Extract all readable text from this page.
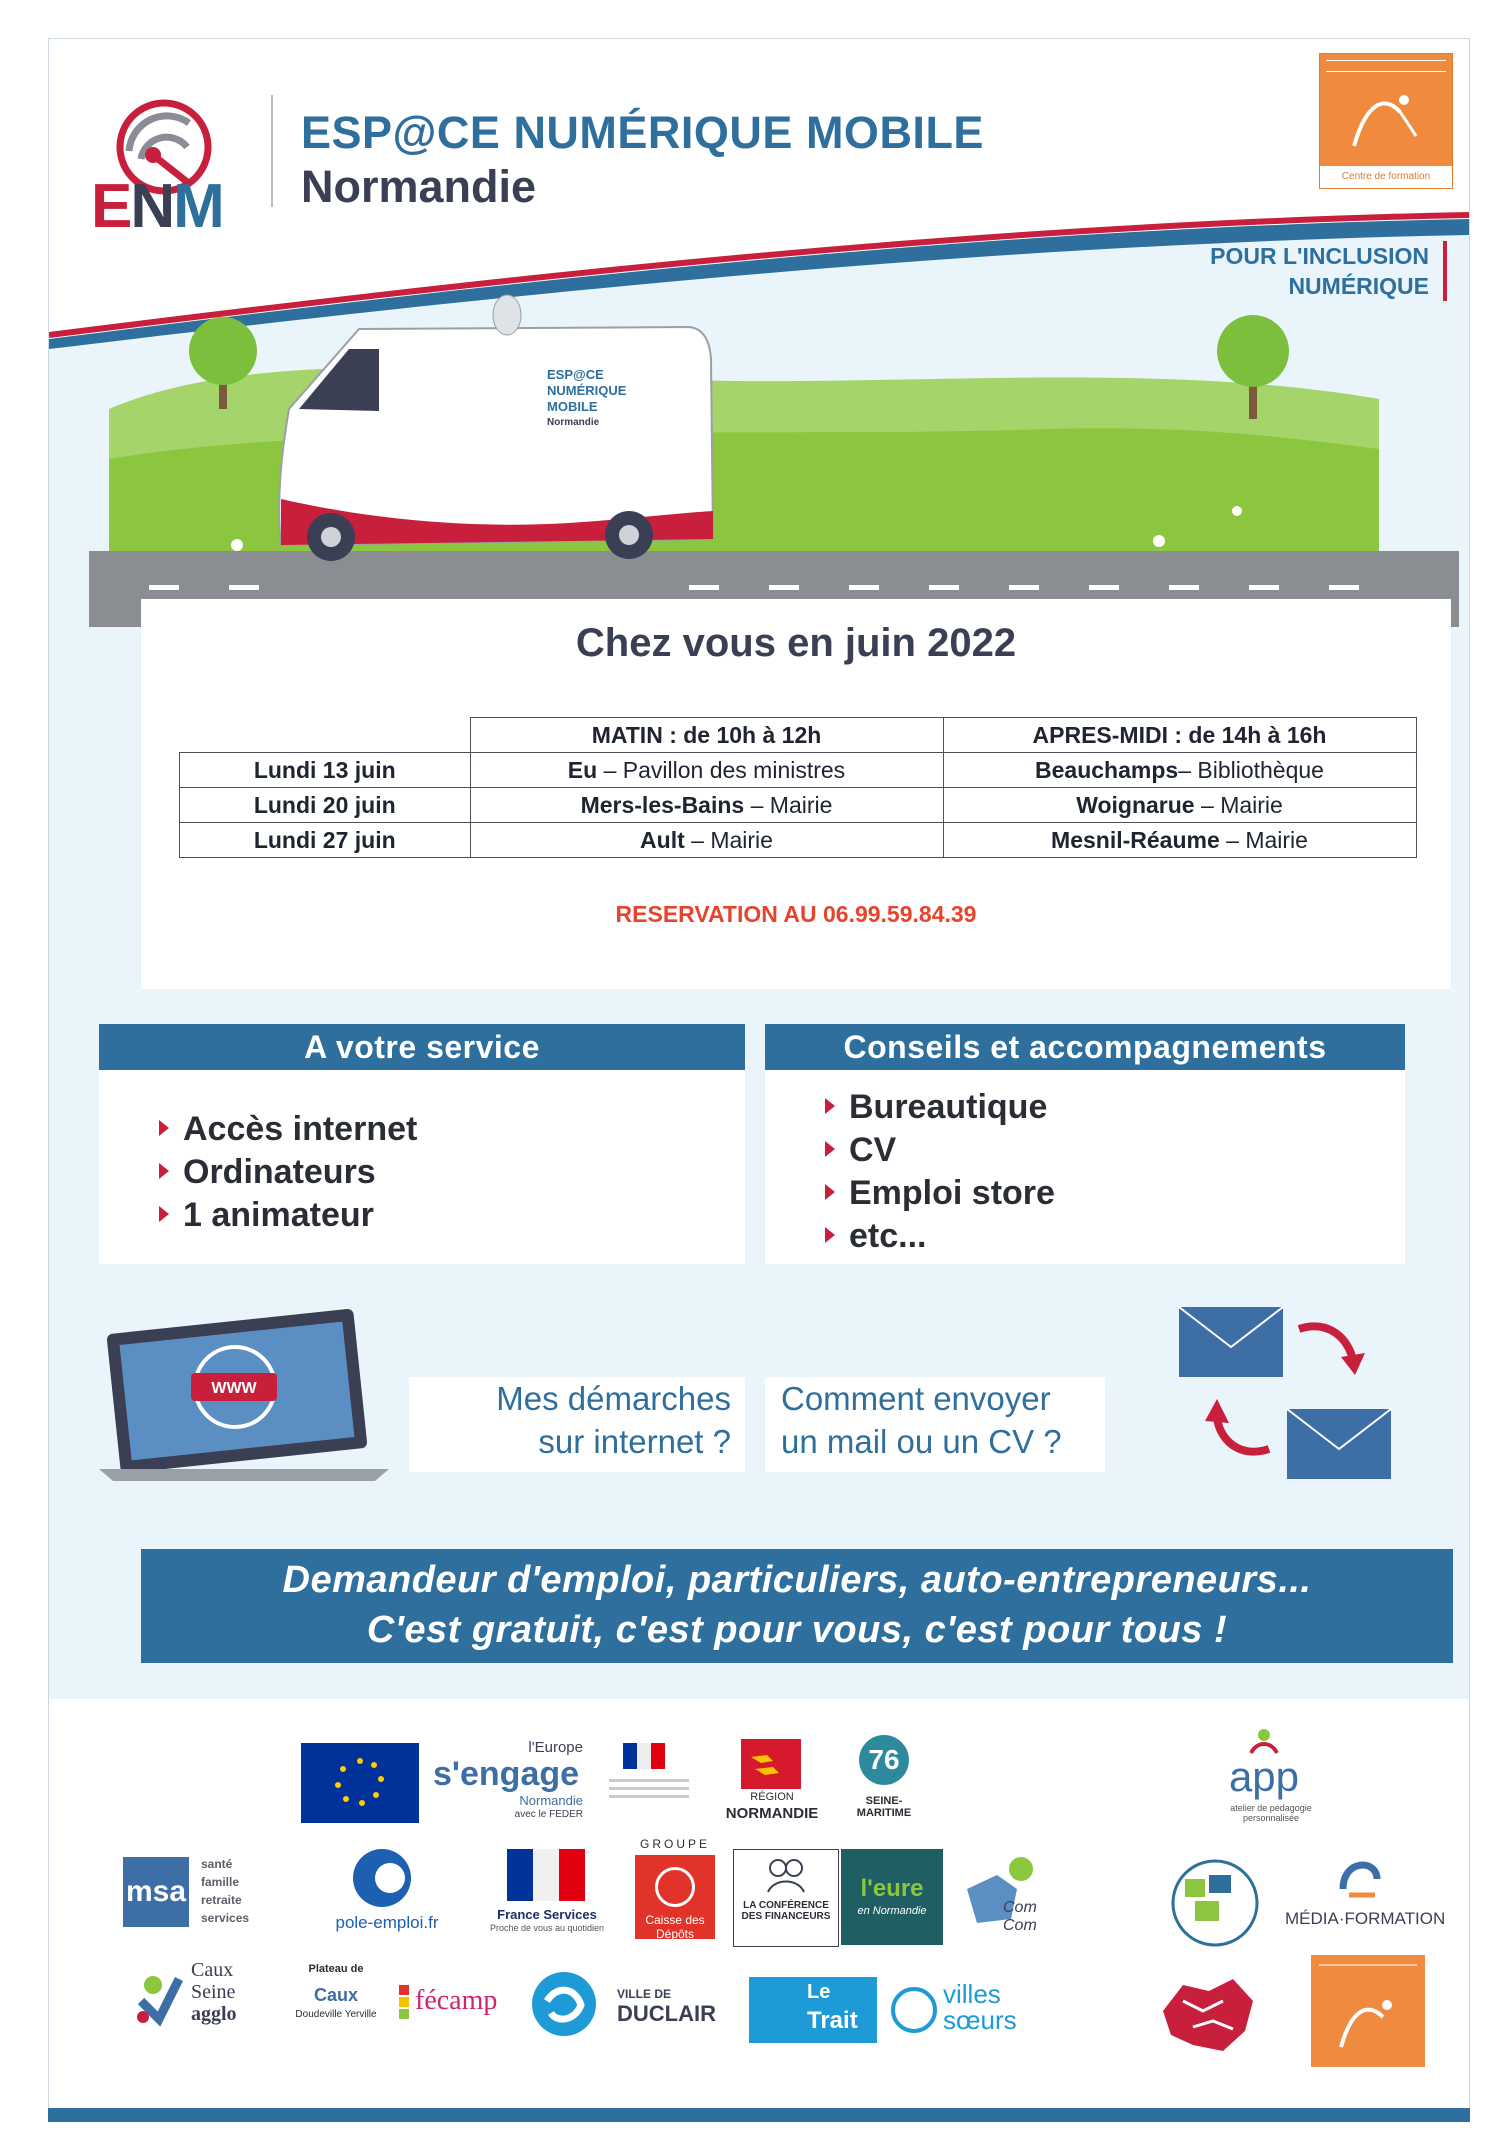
ENM
ESP@CE NUMÉRIQUE MOBILE
Normandie	Centre de formation
POUR L'INCLUSION
NUMÉRIQUE
ESP@CE
NUMÉRIQUE
MOBILE
Normandie
Chez vous en juin 2022
	MATIN : de 10h à 12h	APRES-MIDI : de 14h à 16h
Lundi 13 juin	Eu – Pavillon des ministres	Beauchamps– Bibliothèque
Lundi 20 juin	Mers-les-Bains – Mairie	Woignarue – Mairie
Lundi 27 juin	Ault – Mairie	Mesnil-Réaume – Mairie
RESERVATION AU 06.99.59.84.39
A votre service
Accès internet
Ordinateurs
1 animateur
Conseils et accompagnements
Bureautique
CV
Emploi store
etc...
WWW	Mes démarches
sur internet ?
Comment envoyer
un mail ou un CV ?
Demandeur d'emploi, particuliers, auto-entrepreneurs...
C'est gratuit, c'est pour vous, c'est pour tous !
l'Europe
s'engage
Normandie
avec le FEDER
RÉGION
NORMANDIE
76
SEINE-MARITIME
app
atelier de pédagogie personnalisée
msa
santé
famille
retraite
services	pole-emploi.fr	France Services
Proche de vous au quotidien
GROUPE
Caisse des Dépôts
LA CONFÉRENCE DES FINANCEURS
l'eure
en Normandie	Com Com	MÉDIA·FORMATION
Caux
Seine
agglo
Plateau de
Caux
Doudeville Yerville fécamp	VILLE DE
DUCLAIR
Le
Trait
villes
sœurs
